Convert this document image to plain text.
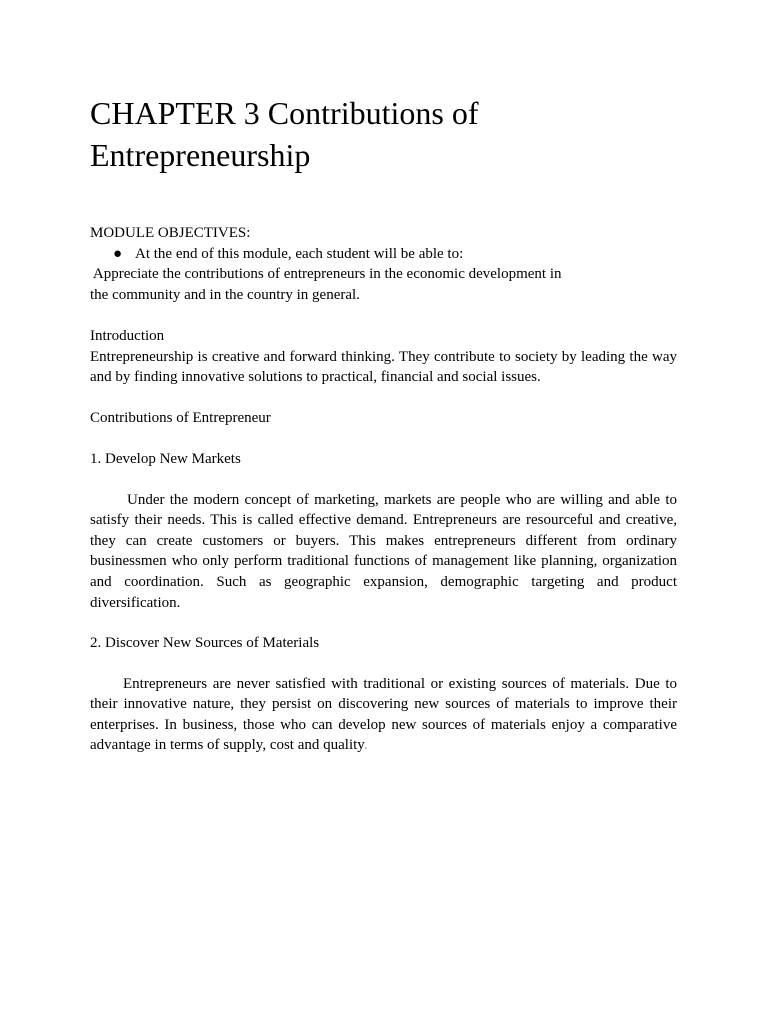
CHAPTER 3 Contributions of
Entrepreneurship

MODULE OBJECTIVES:

● At the end of this module, each student will be able to:

Appreciate the contributions of entrepreneurs in the economic development in
the community and in the country in general.

Introduction

Entrepreneurship is creative and forward thinking. They contribute to society by leading the way and by finding innovative solutions to practical, financial and social issues.

Contributions of Entrepreneur

1. Develop New Markets

Under the modern concept of marketing, markets are people who are willing and able to satisfy their needs. This is called effective demand. Entrepreneurs are resourceful and creative, they can create customers or buyers. This makes entrepreneurs different from ordinary businessmen who only perform traditional functions of management like planning, organization and coordination. Such as geographic expansion, demographic targeting and product diversification.

2. Discover New Sources of Materials

Entrepreneurs are never satisfied with traditional or existing sources of materials. Due to their innovative nature, they persist on discovering new sources of materials to improve their enterprises. In business, those who can develop new sources of materials enjoy a comparative advantage in terms of supply, cost and quality.
